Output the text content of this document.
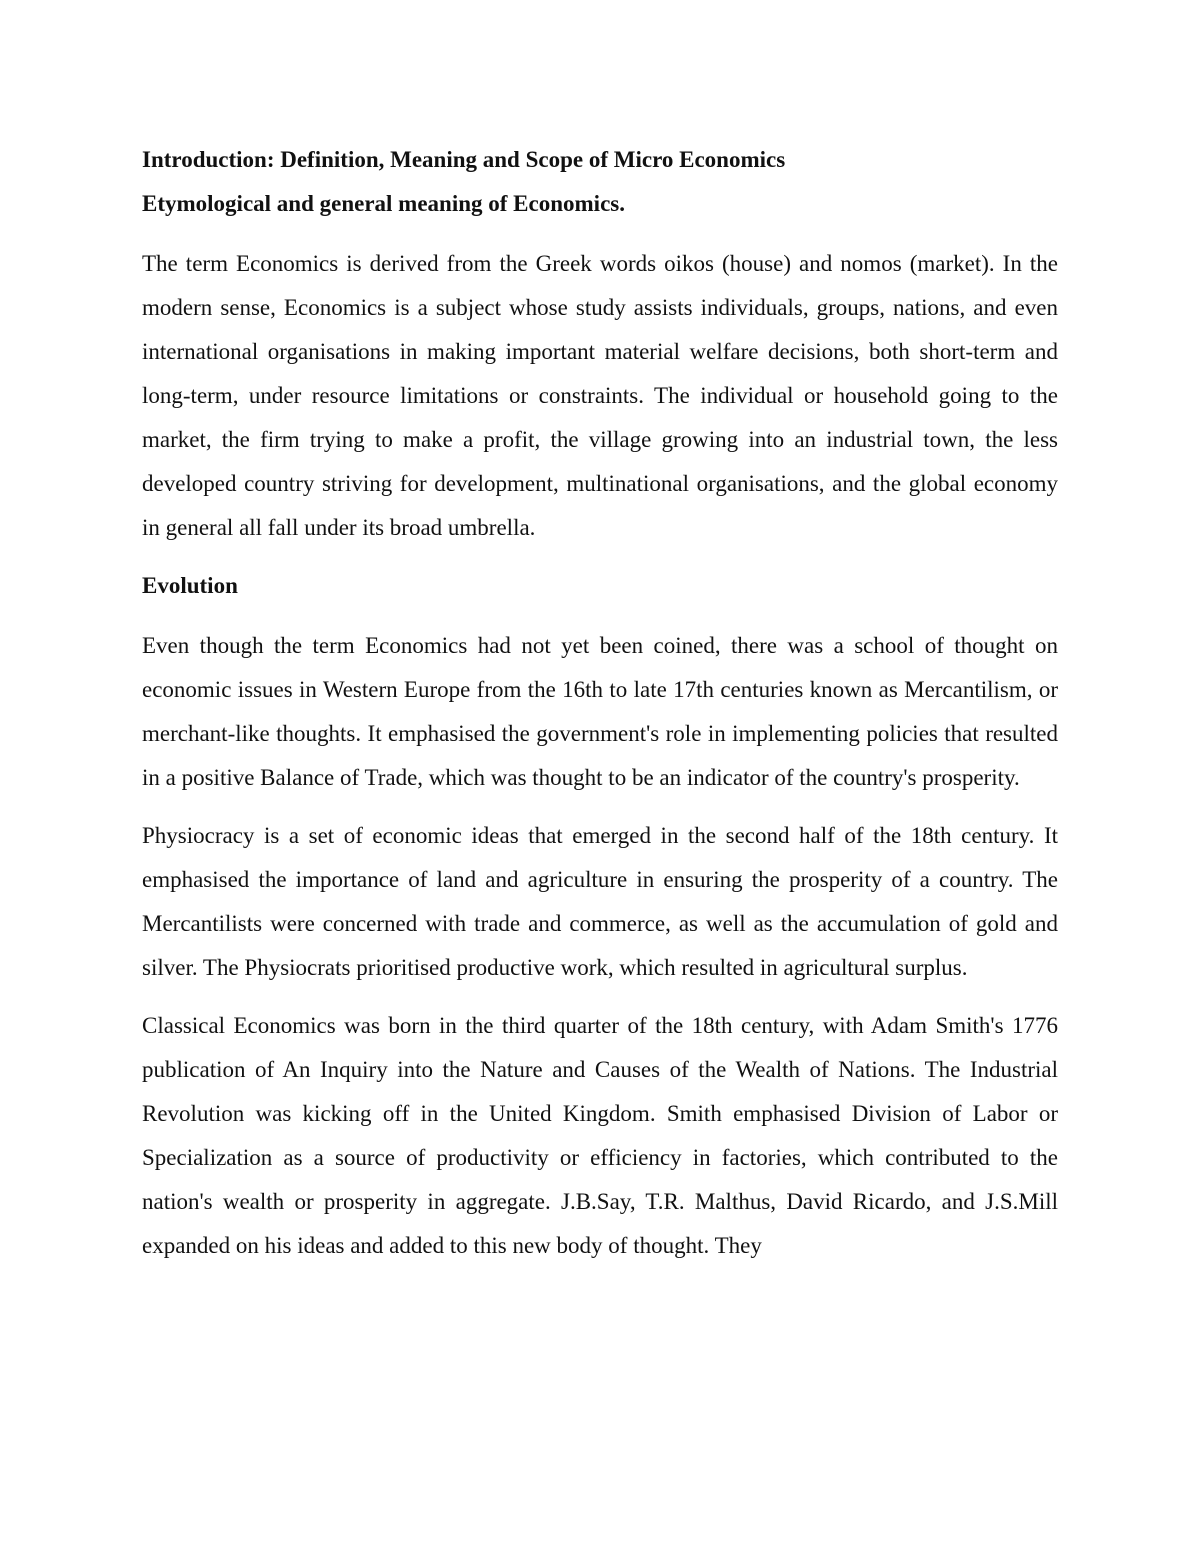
Introduction: Definition, Meaning and Scope of Micro Economics

Etymological and general meaning of Economics.

The term Economics is derived from the Greek words oikos (house) and nomos (market). In the modern sense, Economics is a subject whose study assists individuals, groups, nations, and even international organisations in making important material welfare decisions, both short-term and long-term, under resource limitations or constraints. The individual or household going to the market, the firm trying to make a profit, the village growing into an industrial town, the less developed country striving for development, multinational organisations, and the global economy in general all fall under its broad umbrella.

Evolution

Even though the term Economics had not yet been coined, there was a school of thought on economic issues in Western Europe from the 16th to late 17th centuries known as Mercantilism, or merchant-like thoughts. It emphasised the government's role in implementing policies that resulted in a positive Balance of Trade, which was thought to be an indicator of the country's prosperity.

Physiocracy is a set of economic ideas that emerged in the second half of the 18th century. It emphasised the importance of land and agriculture in ensuring the prosperity of a country. The Mercantilists were concerned with trade and commerce, as well as the accumulation of gold and silver. The Physiocrats prioritised productive work, which resulted in agricultural surplus.

Classical Economics was born in the third quarter of the 18th century, with Adam Smith's 1776 publication of An Inquiry into the Nature and Causes of the Wealth of Nations. The Industrial Revolution was kicking off in the United Kingdom. Smith emphasised Division of Labor or Specialization as a source of productivity or efficiency in factories, which contributed to the nation's wealth or prosperity in aggregate. J.B.Say, T.R. Malthus, David Ricardo, and J.S.Mill expanded on his ideas and added to this new body of thought. They
